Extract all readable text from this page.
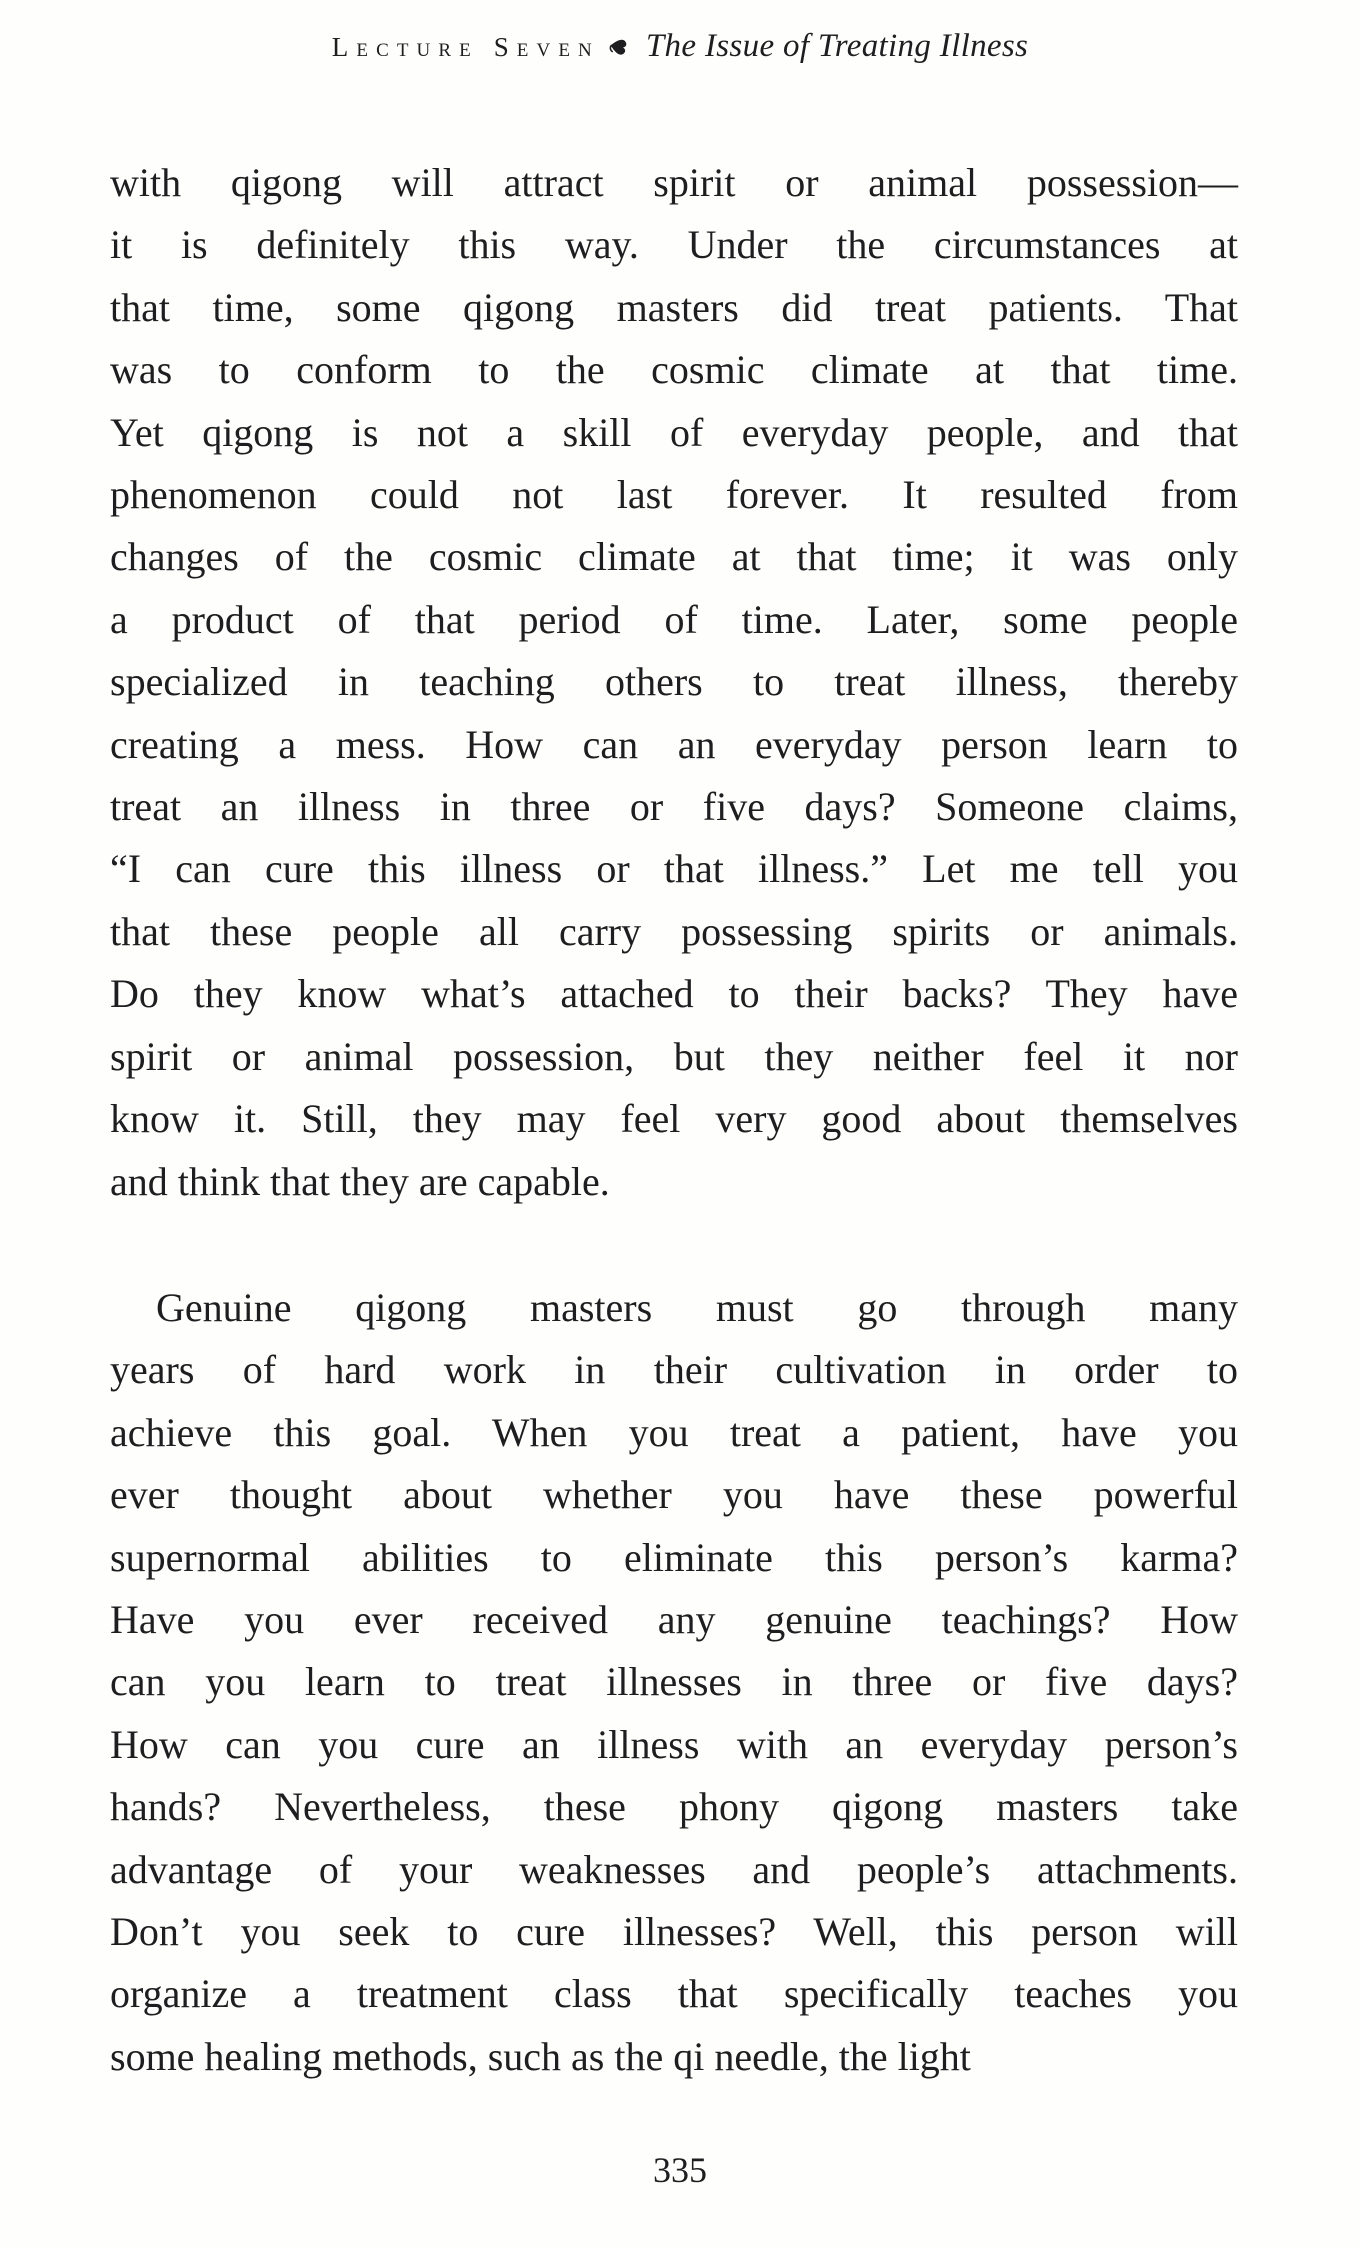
Lecture Seven The Issue of Treating Illness
with qigong will attract spirit or animal possession—
it is definitely this way. Under the circumstances at
that time, some qigong masters did treat patients. That
was to conform to the cosmic climate at that time.
Yet qigong is not a skill of everyday people, and that
phenomenon could not last forever. It resulted from
changes of the cosmic climate at that time; it was only
a product of that period of time. Later, some people
specialized in teaching others to treat illness, thereby
creating a mess. How can an everyday person learn to
treat an illness in three or five days? Someone claims,
“I can cure this illness or that illness.” Let me tell you
that these people all carry possessing spirits or animals.
Do they know what’s attached to their backs? They have
spirit or animal possession, but they neither feel it nor
know it. Still, they may feel very good about themselves
and think that they are capable.
Genuine qigong masters must go through many
years of hard work in their cultivation in order to
achieve this goal. When you treat a patient, have you
ever thought about whether you have these powerful
supernormal abilities to eliminate this person’s karma?
Have you ever received any genuine teachings? How
can you learn to treat illnesses in three or five days?
How can you cure an illness with an everyday person’s
hands? Nevertheless, these phony qigong masters take
advantage of your weaknesses and people’s attachments.
Don’t you seek to cure illnesses? Well, this person will
organize a treatment class that specifically teaches you
some healing methods, such as the qi needle, the light
335
